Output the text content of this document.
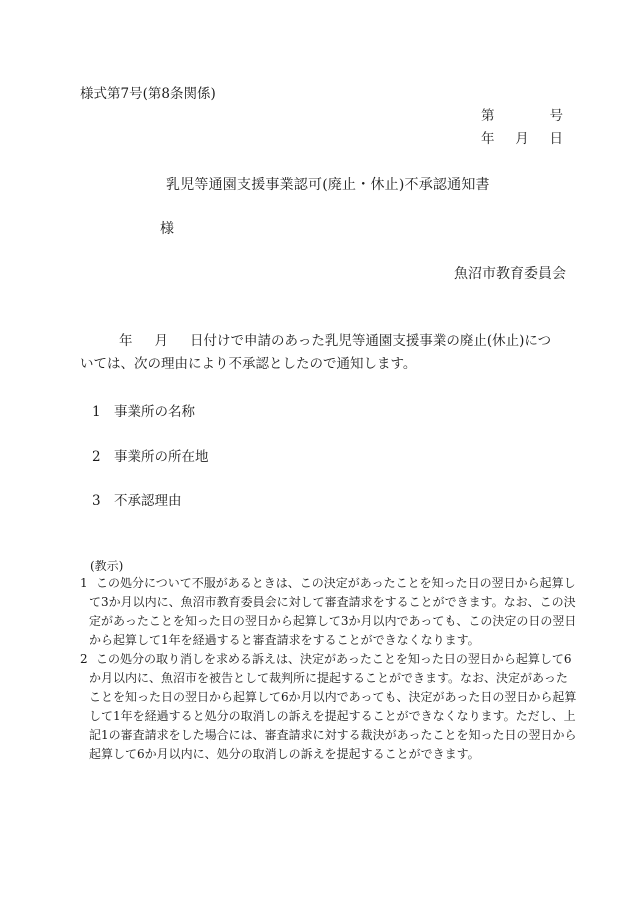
様式第7号(第8条関係)
第	号
年 月 日
乳児等通園支援事業認可(廃止・休止)不承認通知書
様
魚沼市教育委員会
年 月 日付けで申請のあった乳児等通園支援事業の廃止(休止)につ
いては、次の理由により不承認としたので通知します。
1 事業所の名称
2 事業所の所在地
3 不承認理由
(教示)
1 この処分について不服があるときは、この決定があったことを知った日の翌日から起算し
て3か月以内に、魚沼市教育委員会に対して審査請求をすることができます。なお、この決
定があったことを知った日の翌日から起算して3か月以内であっても、この決定の日の翌日
から起算して1年を経過すると審査請求をすることができなくなります。
2 この処分の取り消しを求める訴えは、決定があったことを知った日の翌日から起算して6
か月以内に、魚沼市を被告として裁判所に提起することができます。なお、決定があった
ことを知った日の翌日から起算して6か月以内であっても、決定があった日の翌日から起算
して1年を経過すると処分の取消しの訴えを提起することができなくなります。ただし、上
記1の審査請求をした場合には、審査請求に対する裁決があったことを知った日の翌日から
起算して6か月以内に、処分の取消しの訴えを提起することができます。
